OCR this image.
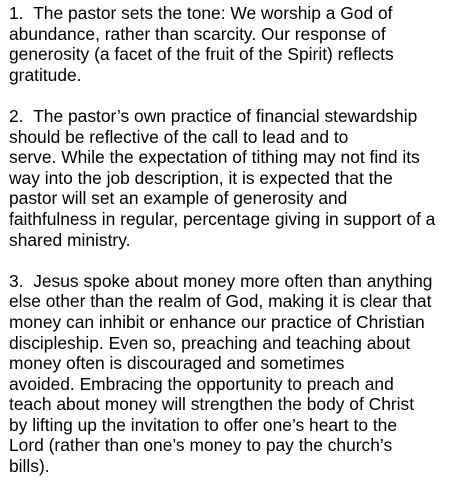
1. The pastor sets the tone: We worship a God of
abundance, rather than scarcity. Our response of
generosity (a facet of the fruit of the Spirit) reflects
gratitude.

2. The pastor’s own practice of financial stewardship
should be reflective of the call to lead and to
serve. While the expectation of tithing may not find its
way into the job description, it is expected that the
pastor will set an example of generosity and
faithfulness in regular, percentage giving in support of a
shared ministry.

3. Jesus spoke about money more often than anything
else other than the realm of God, making it is clear that
money can inhibit or enhance our practice of Christian
discipleship. Even so, preaching and teaching about
money often is discouraged and sometimes
avoided. Embracing the opportunity to preach and
teach about money will strengthen the body of Christ
by lifting up the invitation to offer one’s heart to the
Lord (rather than one’s money to pay the church’s
bills).
